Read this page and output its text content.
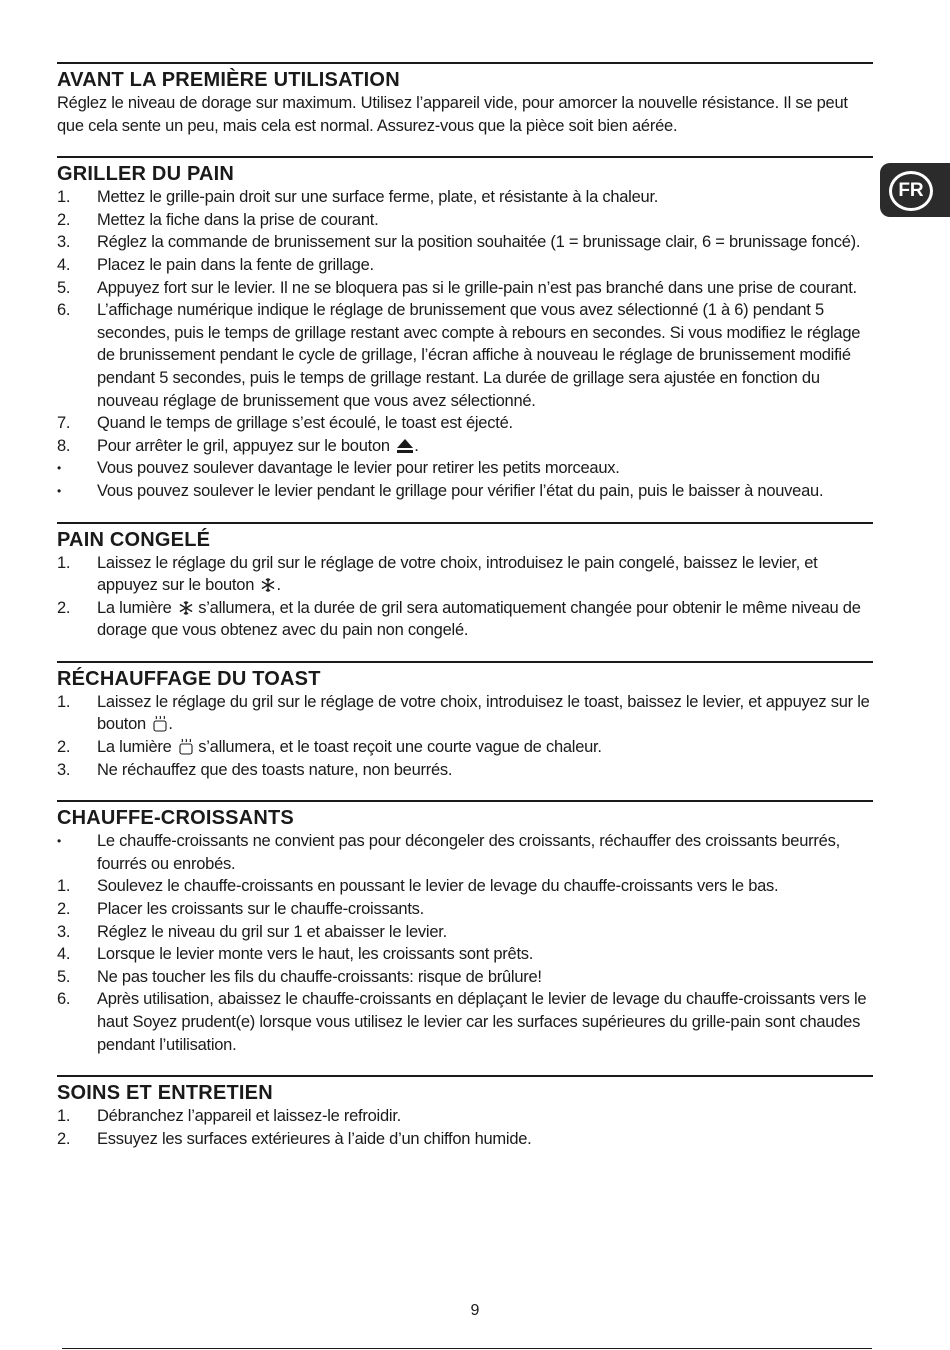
FR
AVANT LA PREMIÈRE UTILISATION

Réglez le niveau de dorage sur maximum. Utilisez l’appareil vide, pour amorcer la nouvelle résistance. Il se peut que cela sente un peu, mais cela est normal. Assurez-vous que la pièce soit bien aérée.

GRILLER DU PAIN
1.	Mettez le grille-pain droit sur une surface ferme, plate, et résistante à la chaleur.
2.	Mettez la fiche dans la prise de courant.
3.	Réglez la commande de brunissement sur la position souhaitée (1 = brunissage clair, 6 = brunissage foncé).
4.	Placez le pain dans la fente de grillage.
5.	Appuyez fort sur le levier. Il ne se bloquera pas si le grille-pain n’est pas branché dans une prise de courant.
6.	L’affichage numérique indique le réglage de brunissement que vous avez sélectionné (1 à 6) pendant 5 secondes, puis le temps de grillage restant avec compte à rebours en secondes. Si vous modifiez le réglage de brunissement pendant le cycle de grillage, l’écran affiche à nouveau le réglage de brunissement modifié pendant 5 secondes, puis le temps de grillage restant. La durée de grillage sera ajustée en fonction du nouveau réglage de brunissement que vous avez sélectionné.
7.	Quand le temps de grillage s’est écoulé, le toast est éjecté.
8.	Pour arrêter le gril, appuyez sur le bouton .
•	Vous pouvez soulever davantage le levier pour retirer les petits morceaux.
•	Vous pouvez soulever le levier pendant le grillage pour vérifier l’état du pain, puis le baisser à nouveau.
PAIN CONGELÉ
1.	Laissez le réglage du gril sur le réglage de votre choix, introduisez le pain congelé, baissez le levier, et appuyez sur le bouton .
2.	La lumière s’allumera, et la durée de gril sera automatiquement changée pour obtenir le même niveau de dorage que vous obtenez avec du pain non congelé.
RÉCHAUFFAGE DU TOAST
1.	Laissez le réglage du gril sur le réglage de votre choix, introduisez le toast, baissez le levier, et appuyez sur le bouton .
2.	La lumière s’allumera, et le toast reçoit une courte vague de chaleur.
3.	Ne réchauffez que des toasts nature, non beurrés.
CHAUFFE-CROISSANTS
•	Le chauffe-croissants ne convient pas pour décongeler des croissants, réchauffer des croissants beurrés, fourrés ou enrobés.
1.	Soulevez le chauffe-croissants en poussant le levier de levage du chauffe-croissants vers le bas.
2.	Placer les croissants sur le chauffe-croissants.
3.	Réglez le niveau du gril sur 1 et abaisser le levier.
4.	Lorsque le levier monte vers le haut, les croissants sont prêts.
5.	Ne pas toucher les fils du chauffe-croissants: risque de brûlure!
6.	Après utilisation, abaissez le chauffe-croissants en déplaçant le levier de levage du chauffe-croissants vers le haut Soyez prudent(e) lorsque vous utilisez le levier car les surfaces supérieures du grille-pain sont chaudes pendant l’utilisation.
SOINS ET ENTRETIEN
1.	Débranchez l’appareil et laissez-le refroidir.
2.	Essuyez les surfaces extérieures à l’aide d’un chiffon humide.
9
